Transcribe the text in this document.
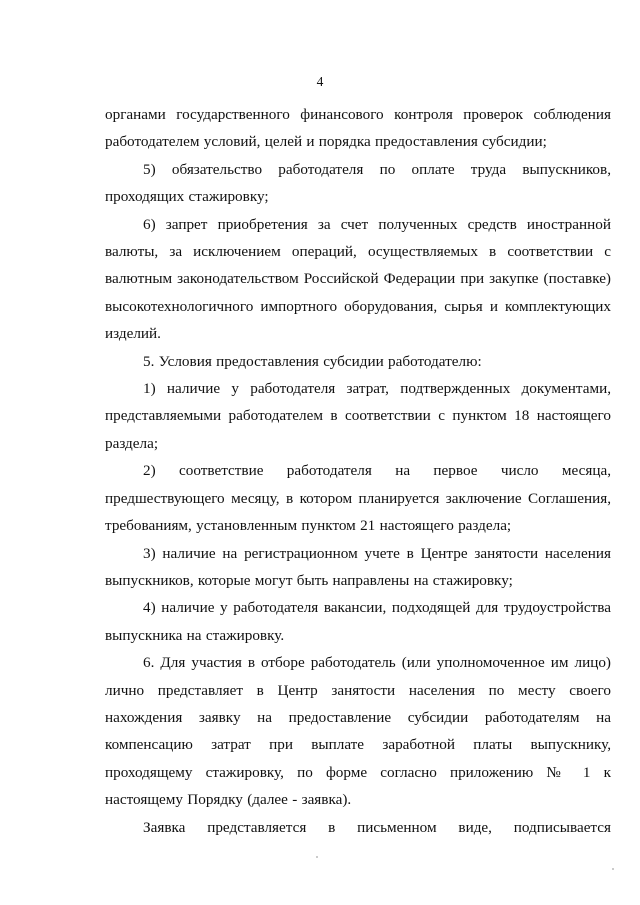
4

органами государственного финансового контроля проверок соблюдения работодателем условий, целей и порядка предоставления субсидии;

5) обязательство работодателя по оплате труда выпускников, проходящих стажировку;

6) запрет приобретения за счет полученных средств иностранной валюты, за исключением операций, осуществляемых в соответствии с валютным законодательством Российской Федерации при закупке (поставке) высокотехнологичного импортного оборудования, сырья и комплектующих изделий.

5. Условия предоставления субсидии работодателю:

1) наличие у работодателя затрат, подтвержденных документами, представляемыми работодателем в соответствии с пунктом 18 настоящего раздела;

2) соответствие работодателя на первое число месяца, предшествующего месяцу, в котором планируется заключение Соглашения, требованиям, установленным пунктом 21 настоящего раздела;

3) наличие на регистрационном учете в Центре занятости населения выпускников, которые могут быть направлены на стажировку;

4) наличие у работодателя вакансии, подходящей для трудоустройства выпускника на стажировку.

6. Для участия в отборе работодатель (или уполномоченное им лицо) лично представляет в Центр занятости населения по месту своего нахождения заявку на предоставление субсидии работодателям на компенсацию затрат при выплате заработной платы выпускнику, проходящему стажировку, по форме согласно приложению № 1 к настоящему Порядку (далее - заявка).

Заявка представляется в письменном виде, подписывается
